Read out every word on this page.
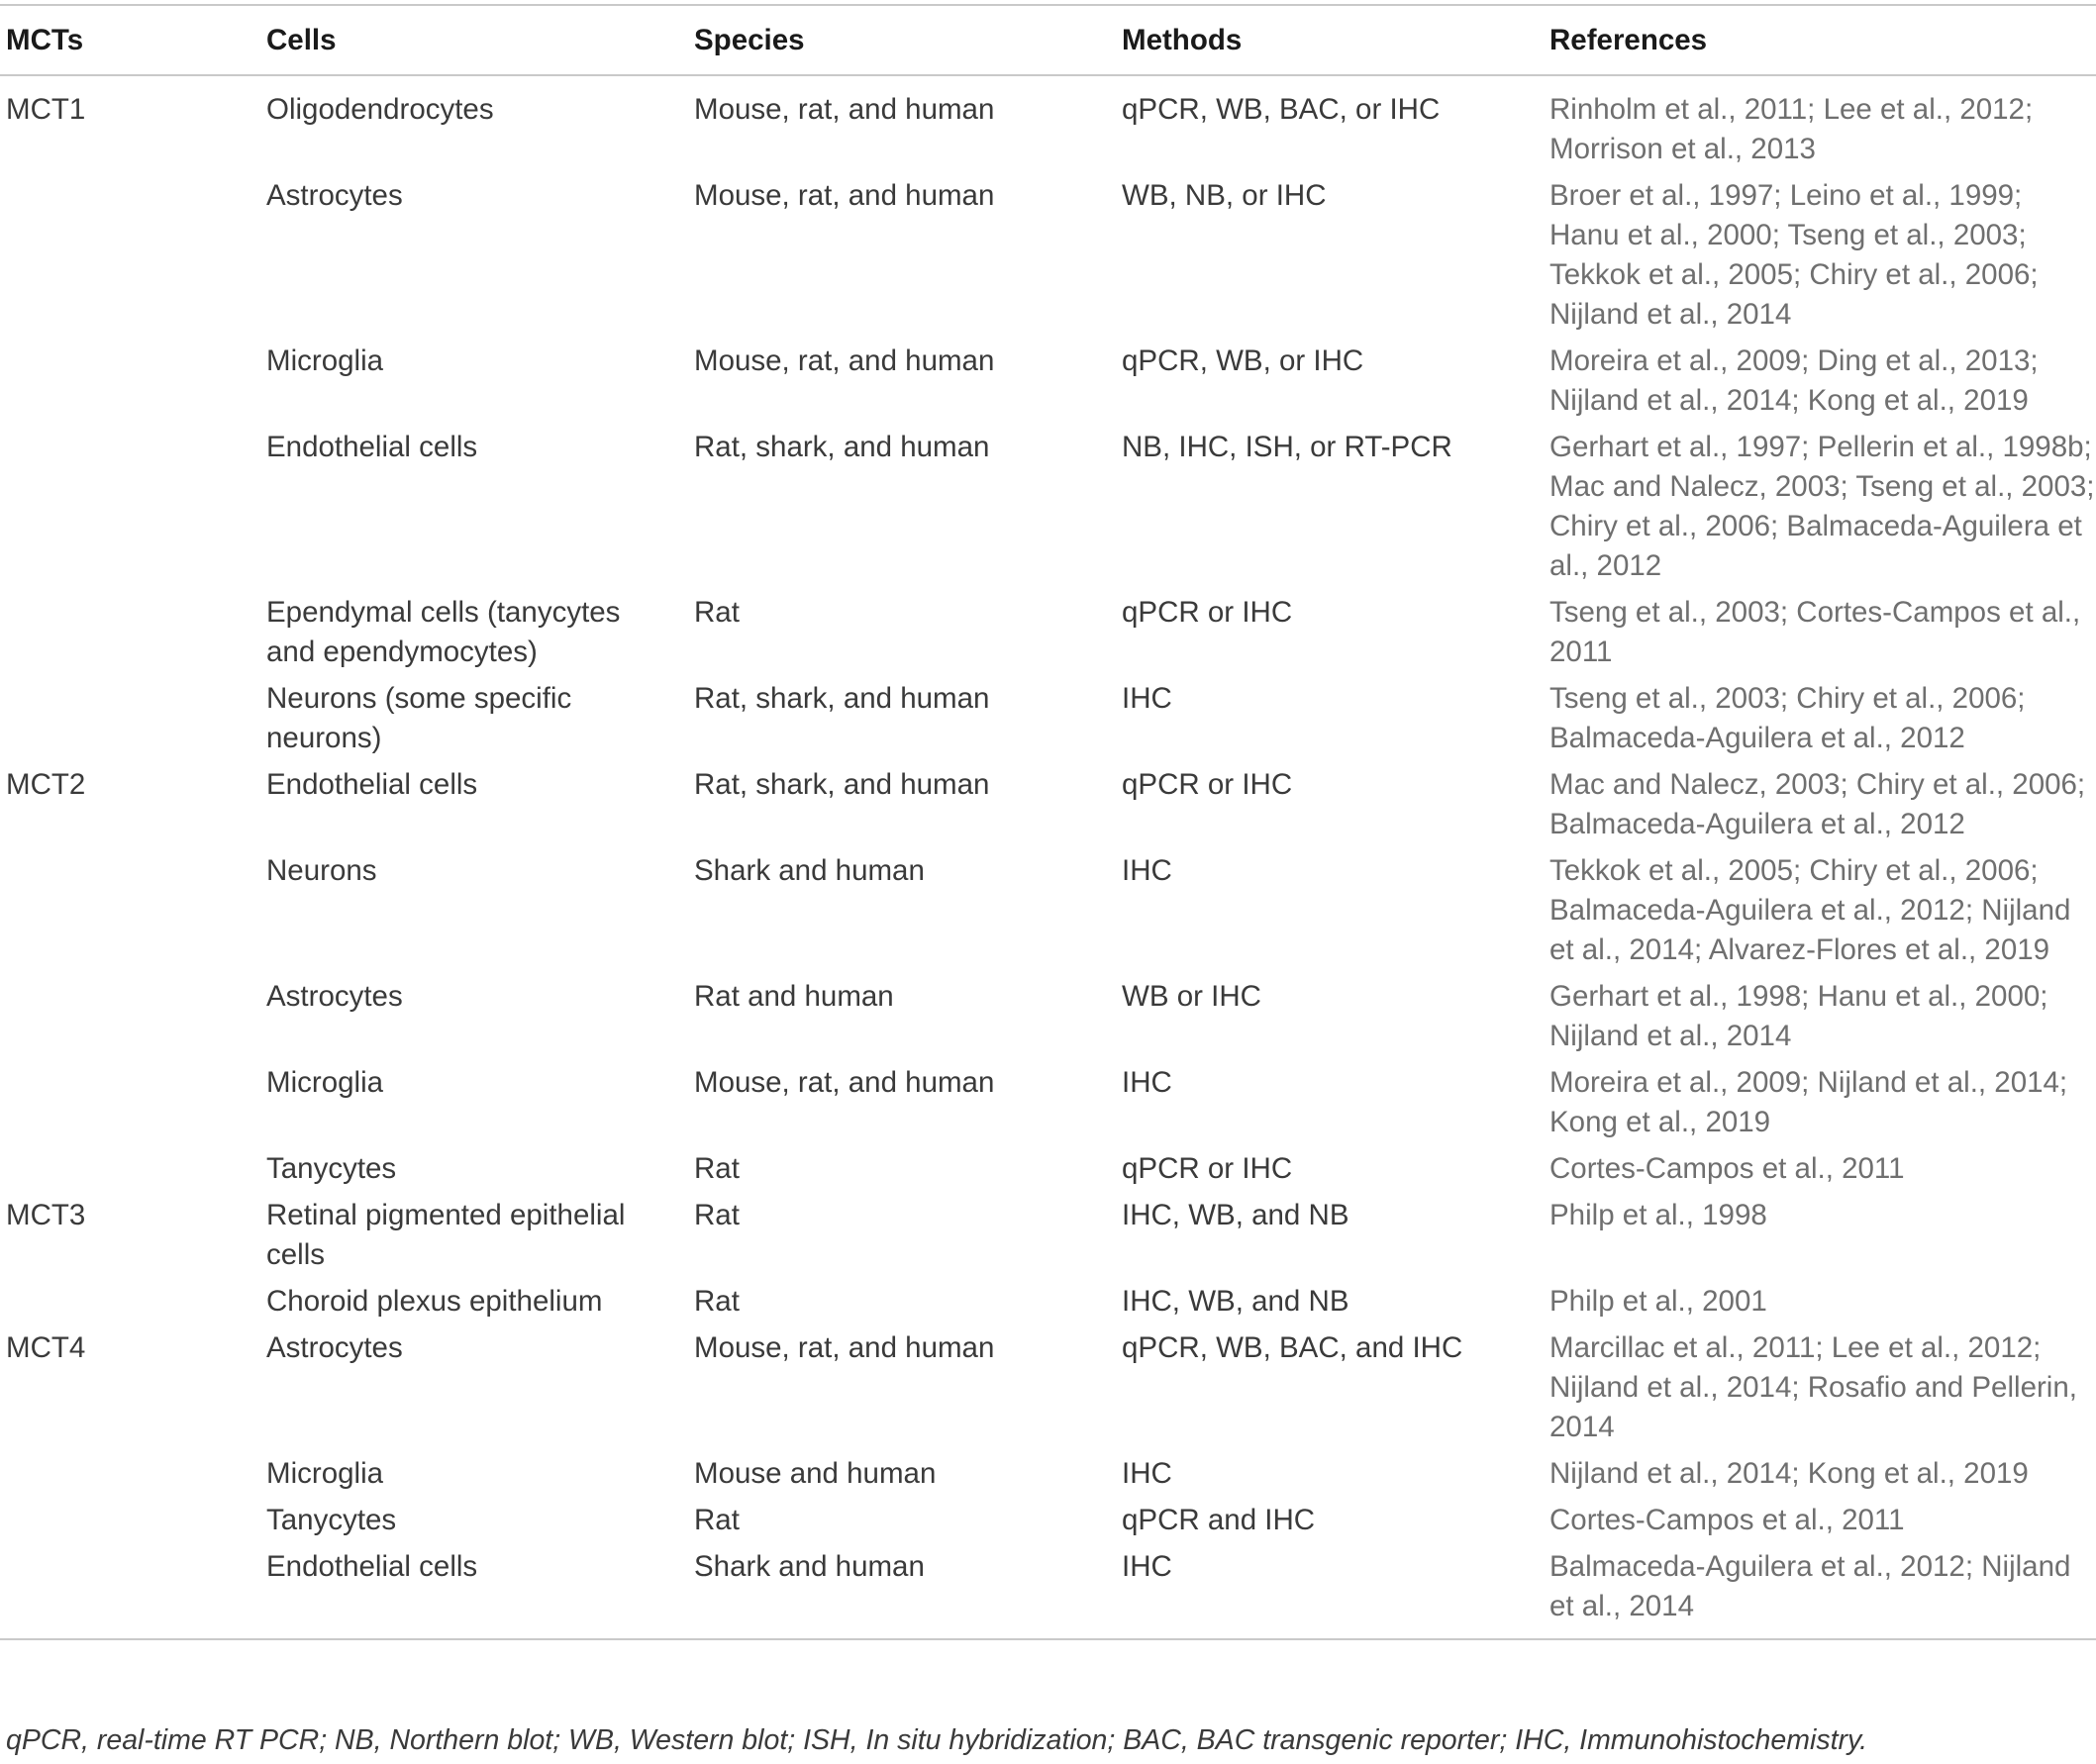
MCTs	Cells	Species	Methods	References
MCT1	Oligodendrocytes	Mouse, rat, and human	qPCR, WB, BAC, or IHC	Rinholm et al., 2011; Lee et al., 2012; Morrison et al., 2013
	Astrocytes	Mouse, rat, and human	WB, NB, or IHC	Broer et al., 1997; Leino et al., 1999; Hanu et al., 2000; Tseng et al., 2003; Tekkok et al., 2005; Chiry et al., 2006; Nijland et al., 2014
	Microglia	Mouse, rat, and human	qPCR, WB, or IHC	Moreira et al., 2009; Ding et al., 2013; Nijland et al., 2014; Kong et al., 2019
	Endothelial cells	Rat, shark, and human	NB, IHC, ISH, or RT-PCR	Gerhart et al., 1997; Pellerin et al., 1998b; Mac and Nalecz, 2003; Tseng et al., 2003; Chiry et al., 2006; Balmaceda-Aguilera et al., 2012
	Ependymal cells (tanycytes and ependymocytes)	Rat	qPCR or IHC	Tseng et al., 2003; Cortes-Campos et al., 2011
	Neurons (some specific neurons)	Rat, shark, and human	IHC	Tseng et al., 2003; Chiry et al., 2006; Balmaceda-Aguilera et al., 2012
MCT2	Endothelial cells	Rat, shark, and human	qPCR or IHC	Mac and Nalecz, 2003; Chiry et al., 2006; Balmaceda-Aguilera et al., 2012
	Neurons	Shark and human	IHC	Tekkok et al., 2005; Chiry et al., 2006; Balmaceda-Aguilera et al., 2012; Nijland et al., 2014; Alvarez-Flores et al., 2019
	Astrocytes	Rat and human	WB or IHC	Gerhart et al., 1998; Hanu et al., 2000; Nijland et al., 2014
	Microglia	Mouse, rat, and human	IHC	Moreira et al., 2009; Nijland et al., 2014; Kong et al., 2019
	Tanycytes	Rat	qPCR or IHC	Cortes-Campos et al., 2011
MCT3	Retinal pigmented epithelial cells	Rat	IHC, WB, and NB	Philp et al., 1998
	Choroid plexus epithelium	Rat	IHC, WB, and NB	Philp et al., 2001
MCT4	Astrocytes	Mouse, rat, and human	qPCR, WB, BAC, and IHC	Marcillac et al., 2011; Lee et al., 2012; Nijland et al., 2014; Rosafio and Pellerin, 2014
	Microglia	Mouse and human	IHC	Nijland et al., 2014; Kong et al., 2019
	Tanycytes	Rat	qPCR and IHC	Cortes-Campos et al., 2011
	Endothelial cells	Shark and human	IHC	Balmaceda-Aguilera et al., 2012; Nijland et al., 2014
qPCR, real-time RT PCR; NB, Northern blot; WB, Western blot; ISH, In situ hybridization; BAC, BAC transgenic reporter; IHC, Immunohistochemistry.
